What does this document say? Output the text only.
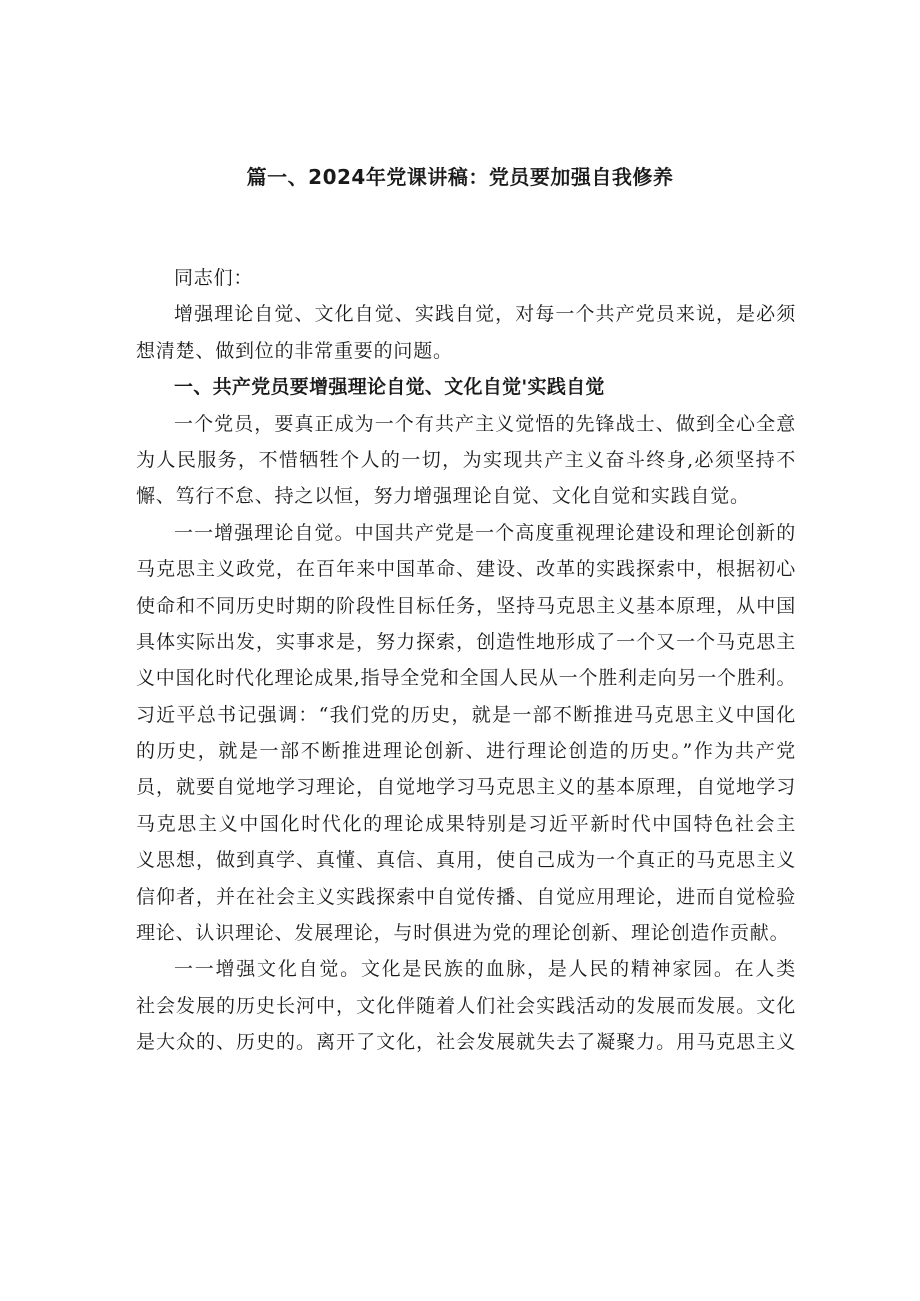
篇一、2024年党课讲稿：党员要加强自我修养
同志们：
增强理论自觉、文化自觉、实践自觉，对每一个共产党员来说，是必须
想清楚、做到位的非常重要的问题。
一、共产党员要增强理论自觉、文化自觉'实践自觉
一个党员，要真正成为一个有共产主义觉悟的先锋战士、做到全心全意
为人民服务，不惜牺牲个人的一切，为实现共产主义奋斗终身,必须坚持不
懈、笃行不怠、持之以恒，努力增强理论自觉、文化自觉和实践自觉。
一一增强理论自觉。中国共产党是一个高度重视理论建设和理论创新的
马克思主义政党，在百年来中国革命、建设、改革的实践探索中，根据初心
使命和不同历史时期的阶段性目标任务，坚持马克思主义基本原理，从中国
具体实际出发，实事求是，努力探索，创造性地形成了一个又一个马克思主
义中国化时代化理论成果,指导全党和全国人民从一个胜利走向另一个胜利。
习近平总书记强调：“我们党的历史，就是一部不断推进马克思主义中国化
的历史，就是一部不断推进理论创新、进行理论创造的历史。”作为共产党
员，就要自觉地学习理论，自觉地学习马克思主义的基本原理，自觉地学习
马克思主义中国化时代化的理论成果特别是习近平新时代中国特色社会主
义思想，做到真学、真懂、真信、真用，使自己成为一个真正的马克思主义
信仰者，并在社会主义实践探索中自觉传播、自觉应用理论，进而自觉检验
理论、认识理论、发展理论，与时俱进为党的理论创新、理论创造作贡献。
一一增强文化自觉。文化是民族的血脉，是人民的精神家园。在人类
社会发展的历史长河中，文化伴随着人们社会实践活动的发展而发展。文化
是大众的、历史的。离开了文化，社会发展就失去了凝聚力。用马克思主义
